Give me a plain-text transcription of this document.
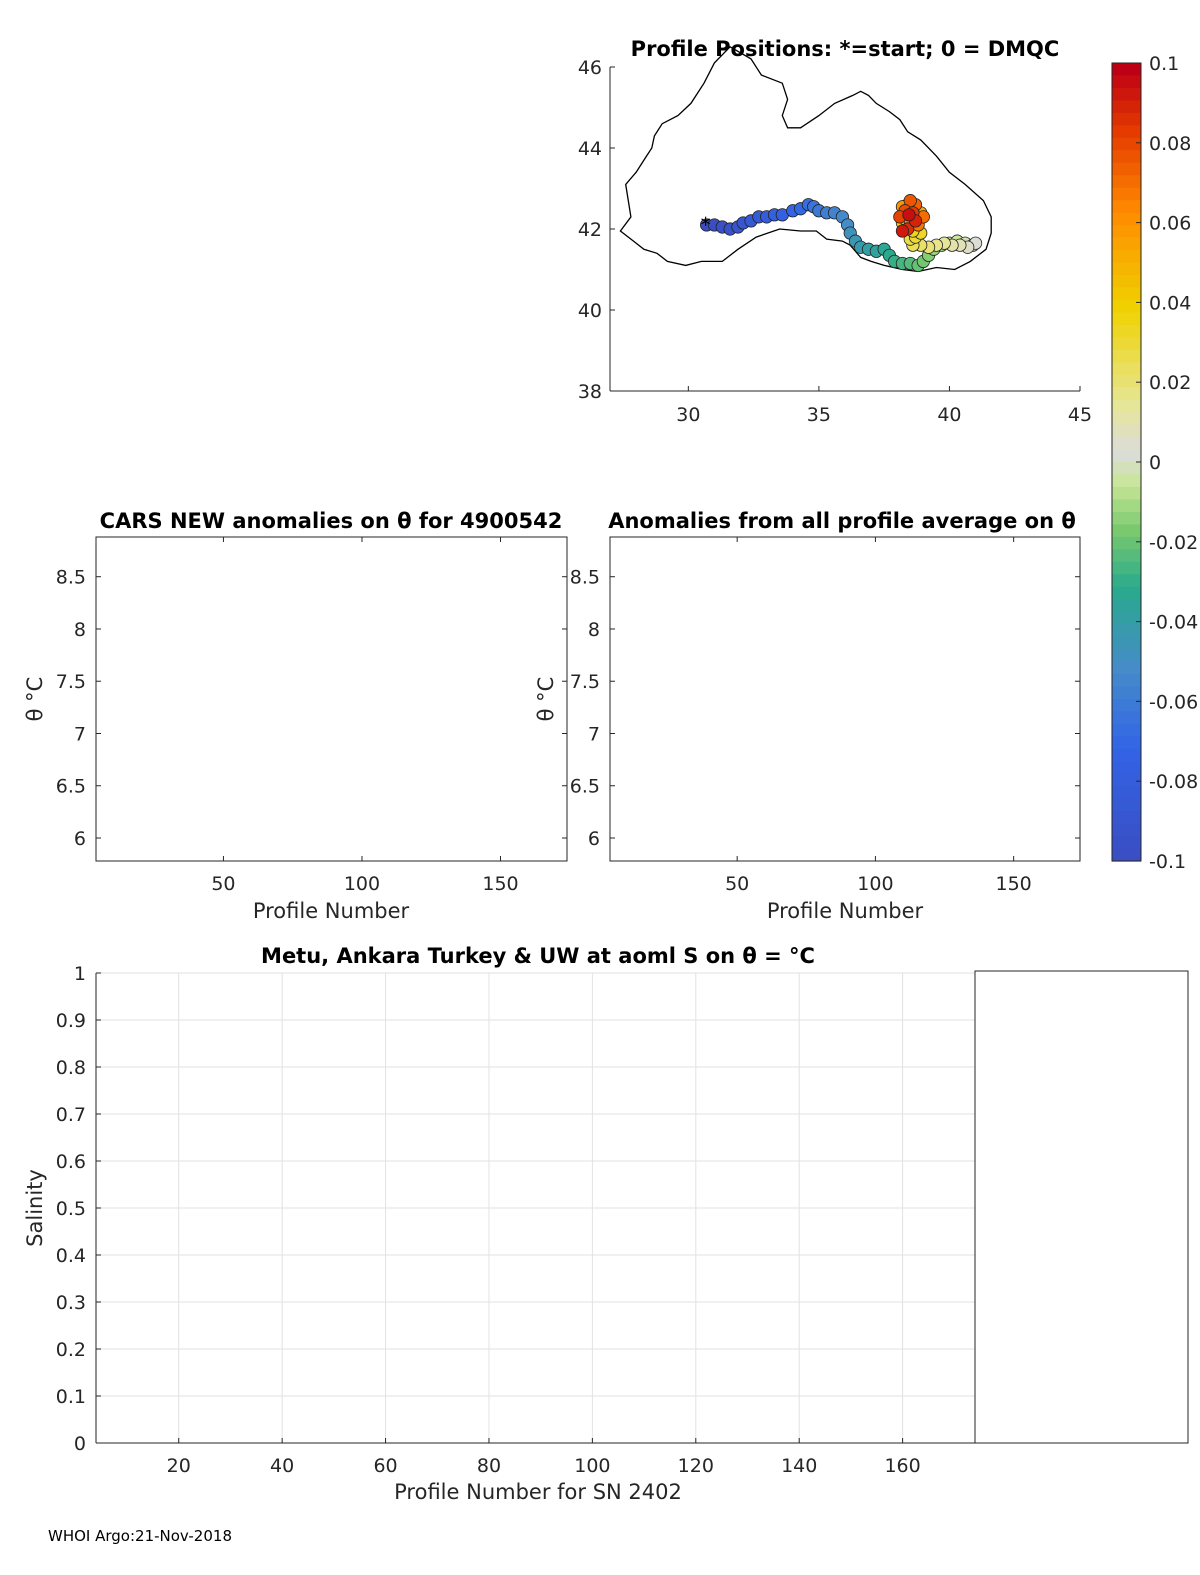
Profile Positions: *=start; 0 = DMQC
*
30	35	40	45
38
40
42
44
46	0.1
0.08
0.06
0.04
0.02
0
-0.02
-0.04
-0.06
-0.08
-0.1
CARS NEW anomalies on θ for 4900542
50	100	150
6
6.5
7
7.5
8
8.5
Profile Number
θ °C
Anomalies from all profile average on θ
50	100	150
6
6.5
7
7.5
8
8.5
Profile Number
θ °C
Metu, Ankara Turkey & UW at aoml S on θ = °C
20	40	60	80	100	120	140	160
0
0.1
0.2
0.3
0.4
0.5
0.6
0.7
0.8
0.9
1
Profile Number for SN 2402
Salinity
WHOI Argo:21-Nov-2018
